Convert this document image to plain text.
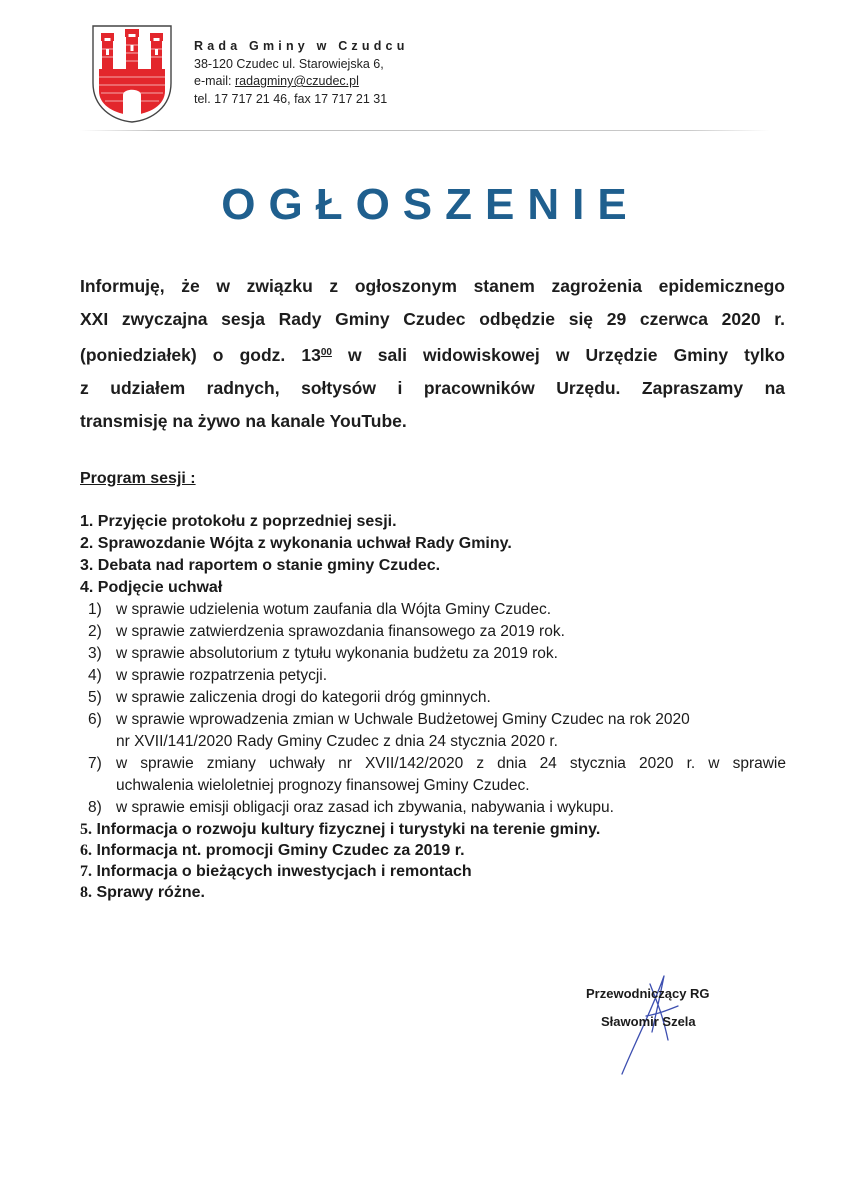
Rada Gminy w Czudcu
38-120 Czudec ul. Starowiejska 6,
e-mail: radagminy@czudec.pl
tel. 17 717 21 46, fax 17 717 21 31
OGŁOSZENIE
Informuję, że w związku z ogłoszonym stanem zagrożenia epidemicznego
XXI zwyczajna sesja Rady Gminy Czudec odbędzie się 29 czerwca 2020 r.
(poniedziałek) o godz. $13^{00}$ w sali widowiskowej w Urzędzie Gminy tylko
z udziałem radnych, sołtysów i pracowników Urzędu. Zapraszamy na
transmisję na żywo na kanale YouTube.
Program sesji :
1. Przyjęcie protokołu z poprzedniej sesji.
2. Sprawozdanie Wójta z wykonania uchwał Rady Gminy.
3. Debata nad raportem o stanie gminy Czudec.
4. Podjęcie uchwał
1) w sprawie udzielenia wotum zaufania dla Wójta Gminy Czudec.
2) w sprawie zatwierdzenia sprawozdania finansowego za 2019 rok.
3) w sprawie absolutorium z tytułu wykonania budżetu za 2019 rok.
4) w sprawie rozpatrzenia petycji.
5) w sprawie zaliczenia drogi do kategorii dróg gminnych.
6) w sprawie wprowadzenia zmian w Uchwale Budżetowej Gminy Czudec na rok 2020
nr XVII/141/2020 Rady Gminy Czudec z dnia 24 stycznia 2020 r.
7) w sprawie zmiany uchwały nr XVII/142/2020 z dnia 24 stycznia 2020 r. w sprawie
uchwalenia wieloletniej prognozy finansowej Gminy Czudec.
8) w sprawie emisji obligacji oraz zasad ich zbywania, nabywania i wykupu.
5. Informacja o rozwoju kultury fizycznej i turystyki na terenie gminy.
6. Informacja nt. promocji Gminy Czudec za 2019 r.
7. Informacja o bieżących inwestycjach i remontach
8. Sprawy różne.
Przewodniczący RG
Sławomir Szela
